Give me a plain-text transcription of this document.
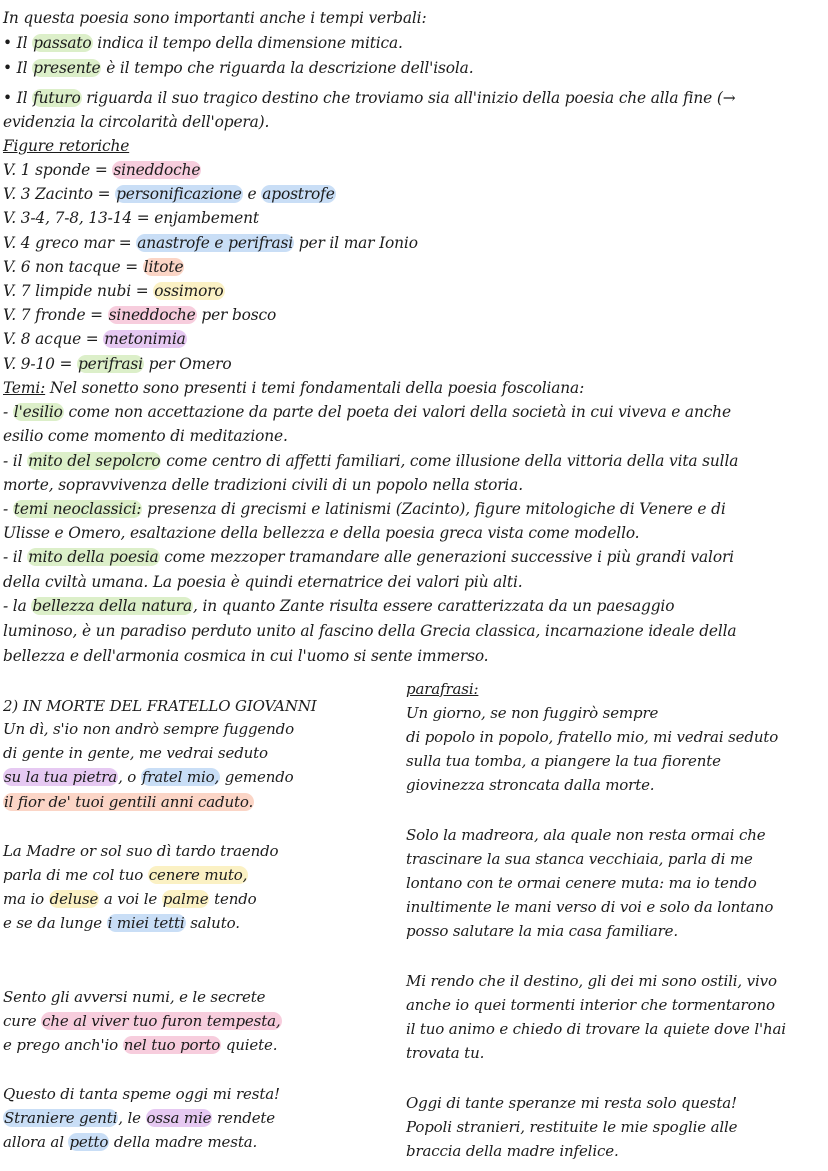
In questa poesia sono importanti anche i tempi verbali:
• Il passato indica il tempo della dimensione mitica.
• Il presente è il tempo che riguarda la descrizione dell'isola.
• Il futuro riguarda il suo tragico destino che troviamo sia all'inizio della poesia che alla fine (→
evidenzia la circolarità dell'opera).
Figure retoriche
V. 1 sponde = sineddoche
V. 3 Zacinto = personificazione e apostrofe
V. 3-4, 7-8, 13-14 = enjambement
V. 4 greco mar = anastrofe e perifrasi per il mar Ionio
V. 6 non tacque = litote
V. 7 limpide nubi = ossimoro
V. 7 fronde = sineddoche per bosco
V. 8 acque = metonimia
V. 9-10 = perifrasi per Omero
Temi: Nel sonetto sono presenti i temi fondamentali della poesia foscoliana:
- l'esilio come non accettazione da parte del poeta dei valori della società in cui viveva e anche
esilio come momento di meditazione.
- il mito del sepolcro come centro di affetti familiari, come illusione della vittoria della vita sulla
morte, sopravvivenza delle tradizioni civili di un popolo nella storia.
- temi neoclassici: presenza di grecismi e latinismi (Zacinto), figure mitologiche di Venere e di
Ulisse e Omero, esaltazione della bellezza e della poesia greca vista come modello.
- il mito della poesia come mezzoper tramandare alle generazioni successive i più grandi valori
della cviltà umana. La poesia è quindi eternatrice dei valori più alti.
- la bellezza della natura, in quanto Zante risulta essere caratterizzata da un paesaggio
luminoso, è un paradiso perduto unito al fascino della Grecia classica, incarnazione ideale della
bellezza e dell'armonia cosmica in cui l'uomo si sente immerso.
2) IN MORTE DEL FRATELLO GIOVANNI
Un dì, s'io non andrò sempre fuggendo
di gente in gente, me vedrai seduto
su la tua pietra, o fratel mio, gemendo
il fior de' tuoi gentili anni caduto.
La Madre or sol suo dì tardo traendo
parla di me col tuo cenere muto,
ma io deluse a voi le palme tendo
e se da lunge i miei tetti saluto.
Sento gli avversi numi, e le secrete
cure che al viver tuo furon tempesta,
e prego anch'io nel tuo porto quiete.
Questo di tanta speme oggi mi resta!
Straniere genti, le ossa mie rendete
allora al petto della madre mesta.
parafrasi:
Un giorno, se non fuggirò sempre
di popolo in popolo, fratello mio, mi vedrai seduto
sulla tua tomba, a piangere la tua fiorente
giovinezza stroncata dalla morte.
Solo la madreora, ala quale non resta ormai che
trascinare la sua stanca vecchiaia, parla di me
lontano con te ormai cenere muta: ma io tendo
inultimente le mani verso di voi e solo da lontano
posso salutare la mia casa familiare.
Mi rendo che il destino, gli dei mi sono ostili, vivo
anche io quei tormenti interior che tormentarono
il tuo animo e chiedo di trovare la quiete dove l'hai
trovata tu.
Oggi di tante speranze mi resta solo questa!
Popoli stranieri, restituite le mie spoglie alle
braccia della madre infelice.
